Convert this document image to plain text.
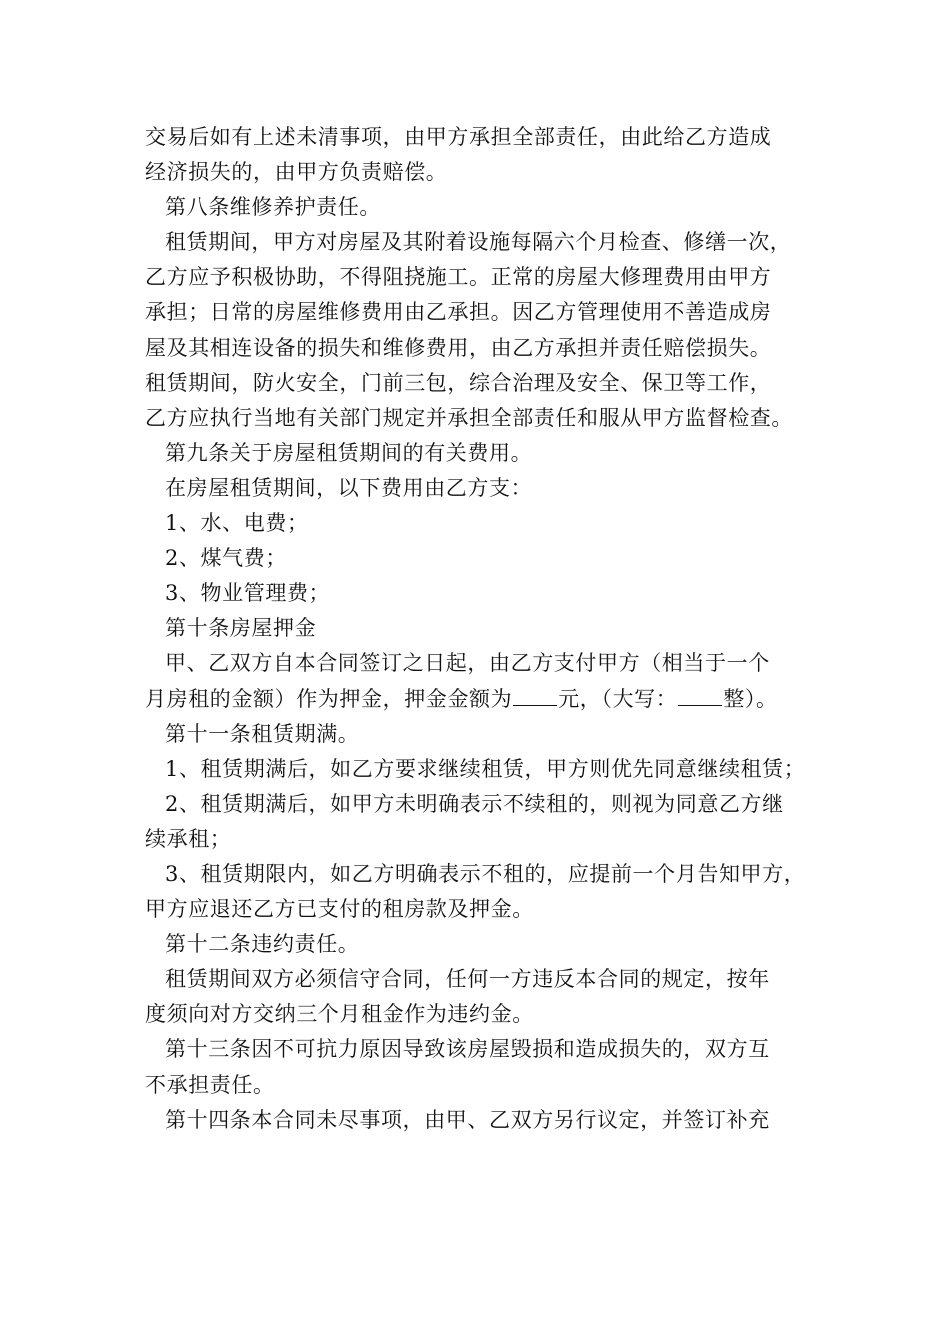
交易后如有上述未清事项，由甲方承担全部责任，由此给乙方造成
经济损失的，由甲方负责赔偿。
第八条维修养护责任。
租赁期间，甲方对房屋及其附着设施每隔六个月检查、修缮一次，
乙方应予积极协助，不得阻挠施工。正常的房屋大修理费用由甲方
承担；日常的房屋维修费用由乙承担。因乙方管理使用不善造成房
屋及其相连设备的损失和维修费用，由乙方承担并责任赔偿损失。
租赁期间，防火安全，门前三包，综合治理及安全、保卫等工作，
乙方应执行当地有关部门规定并承担全部责任和服从甲方监督检查。
第九条关于房屋租赁期间的有关费用。
在房屋租赁期间，以下费用由乙方支：
1、水、电费；
2、煤气费；
3、物业管理费；
第十条房屋押金
甲、乙双方自本合同签订之日起，由乙方支付甲方（相当于一个
月房租的金额）作为押金，押金金额为 元，（大写： 整）。
第十一条租赁期满。
1、租赁期满后，如乙方要求继续租赁，甲方则优先同意继续租赁；
2、租赁期满后，如甲方未明确表示不续租的，则视为同意乙方继
续承租；
3、租赁期限内，如乙方明确表示不租的，应提前一个月告知甲方，
甲方应退还乙方已支付的租房款及押金。
第十二条违约责任。
租赁期间双方必须信守合同，任何一方违反本合同的规定，按年
度须向对方交纳三个月租金作为违约金。
第十三条因不可抗力原因导致该房屋毁损和造成损失的，双方互
不承担责任。
第十四条本合同未尽事项，由甲、乙双方另行议定，并签订补充
